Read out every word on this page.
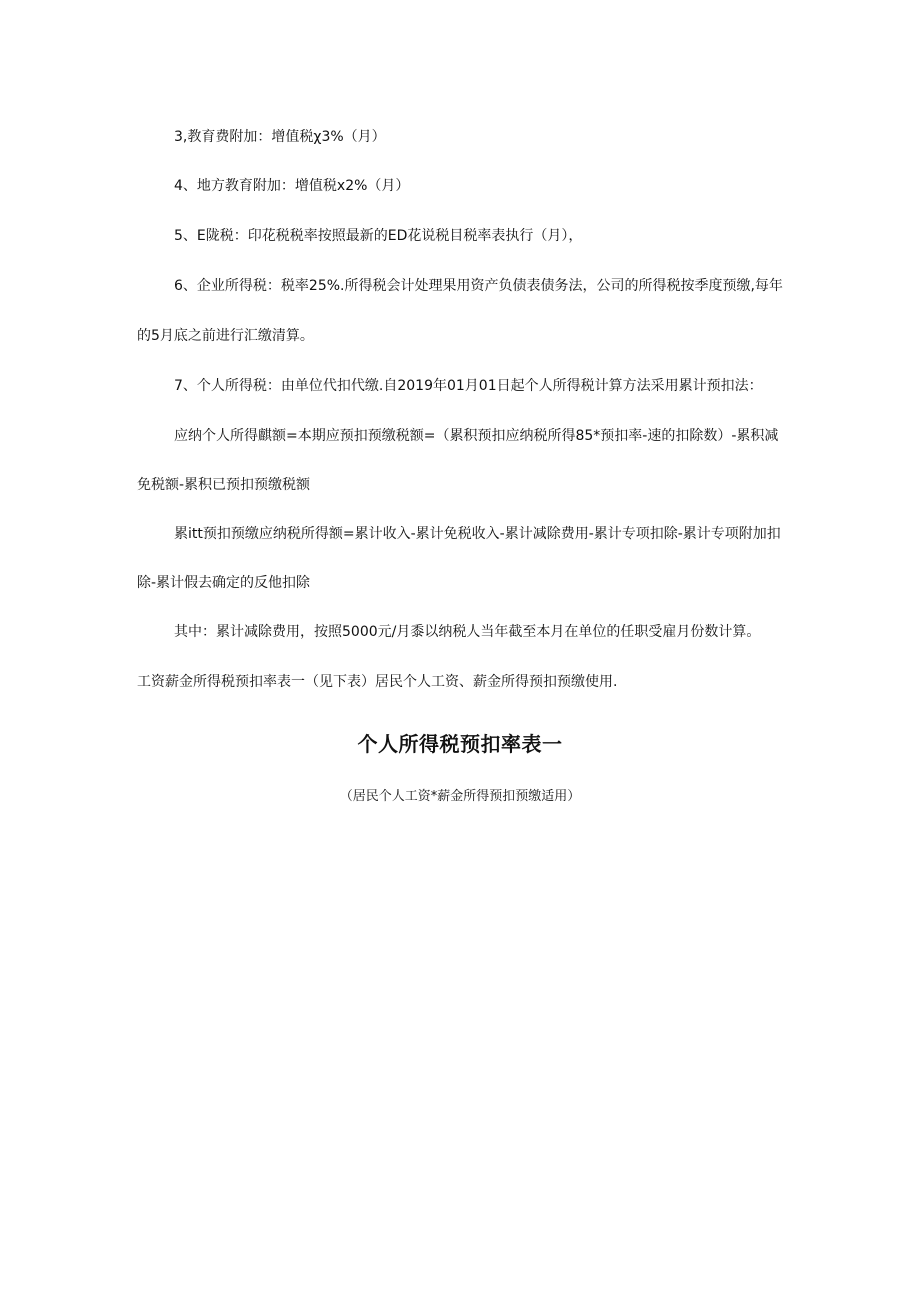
3,教育费附加：增值税χ3%（月）

4、地方教育附加：增值税x2%（月）

5、E陇税：印花税税率按照最新的ED花说税目税率表执行（月），

6、企业所得税：税率25%.所得税会计处理果用资产负债表债务法，公司的所得税按季度预缴,每年

的5月底之前进行汇缴清算。

7、个人所得税：由单位代扣代缴.自2019年01月01日起个人所得税计算方法采用累计预扣法：

应纳个人所得麒额=本期应预扣预缴税额=（累积预扣应纳税所得85*预扣率-速的扣除数）-累积减

免税额-累积已预扣预缴税额

累itt预扣预缴应纳税所得额=累计收入-累计免税收入-累计减除费用-累计专项扣除-累计专项附加扣

除-累计假去确定的反他扣除

其中：累计减除费用，按照5000元/月黍以纳税人当年截至本月在单位的任职受雇月份数计算。

工资薪金所得税预扣率表一（见下表）居民个人工资、薪金所得预扣预缴使用.

个人所得税预扣率表一

（居民个人工资*薪金所得预扣预缴适用）
